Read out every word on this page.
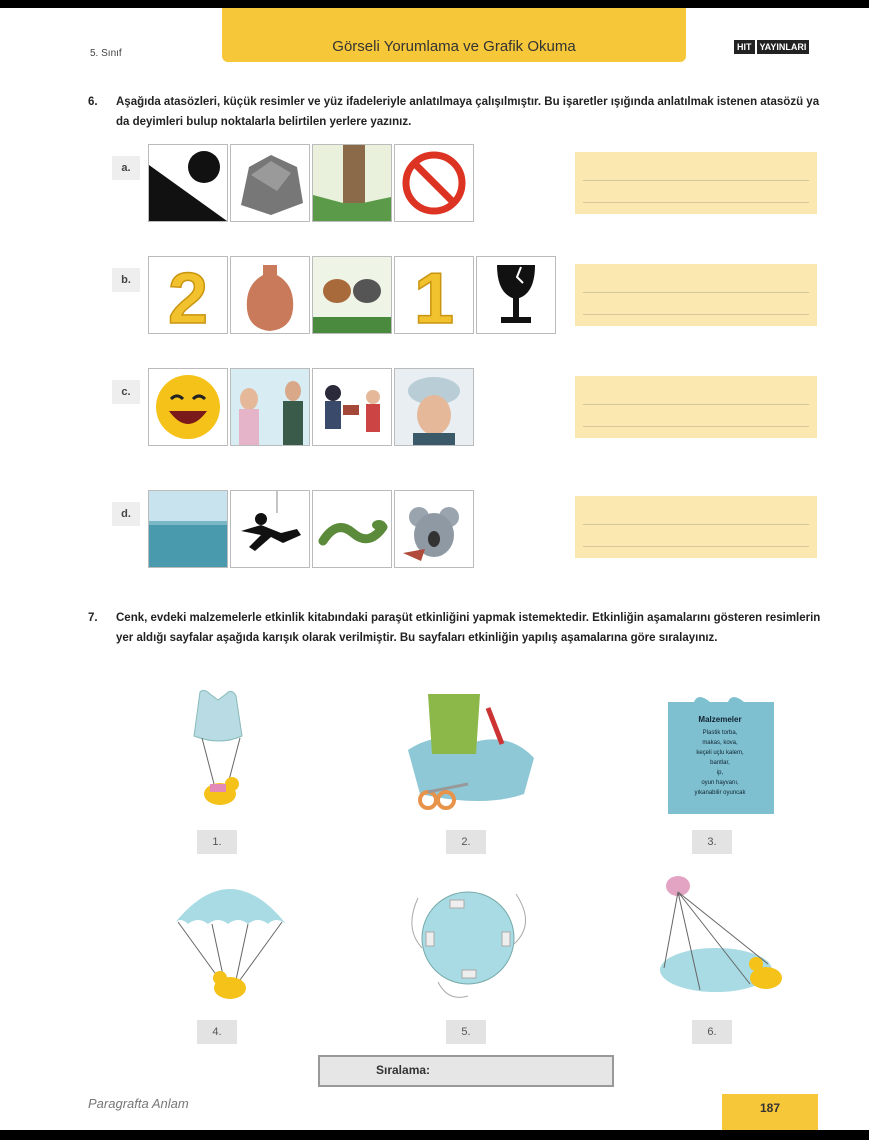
5. Sınıf	Görseli Yorumlama ve Grafik Okuma	HIT YAYINLARI
6. Aşağıda atasözleri, küçük resimler ve yüz ifadeleriyle anlatılmaya çalışılmıştır. Bu işaretler ışığında anlatılmak istenen atasözü ya da deyimleri bulup noktalarla belirtilen yerlere yazınız.
a.
b. 2	1
c.
d.
7. Cenk, evdeki malzemelerle etkinlik kitabındaki paraşüt etkinliğini yapmak istemektedir. Etkinliğin aşamalarını gösteren resimlerin yer aldığı sayfalar aşağıda karışık olarak verilmiştir. Bu sayfaları etkinliğin yapılış aşamalarına göre sıralayınız.
1.	2.
Malzemeler
Plastik torba,
makas, kova,
keçeli uçlu kalem,
bantlar,
ip,
oyun hayvanı,
yıkanabilir oyuncak
3.
4.	5.	6.
Sıralama:
Paragrafta Anlam	187
